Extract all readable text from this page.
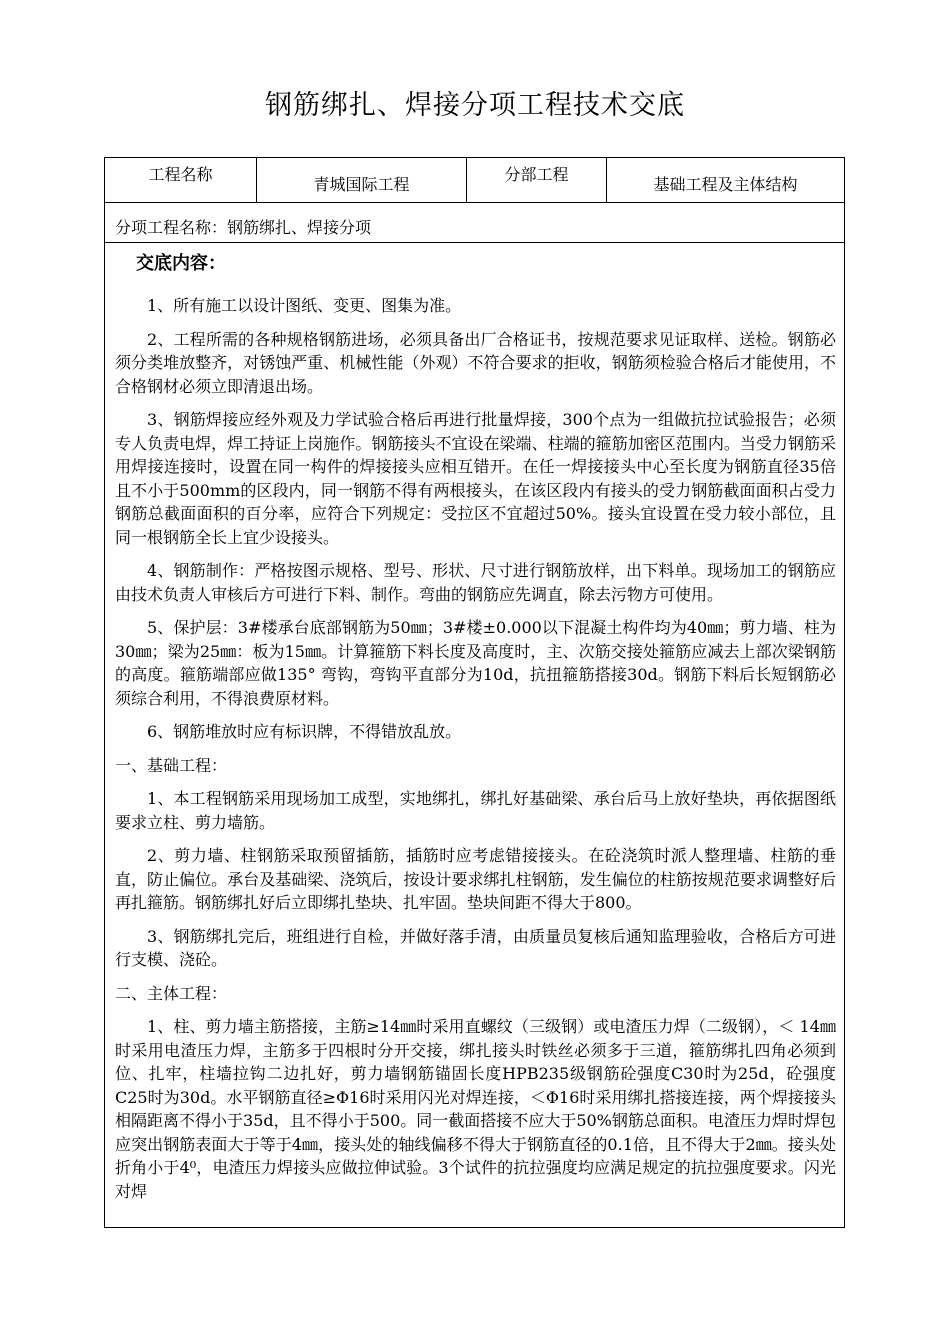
钢筋绑扎、焊接分项工程技术交底
工程名称
青城国际工程
分部工程
基础工程及主体结构
分项工程名称：钢筋绑扎、焊接分项
交底内容：

1、所有施工以设计图纸、变更、图集为准。

2、工程所需的各种规格钢筋进场，必须具备出厂合格证书，按规范要求见证取样、送检。钢筋必须分类堆放整齐，对锈蚀严重、机械性能（外观）不符合要求的拒收，钢筋须检验合格后才能使用，不合格钢材必须立即清退出场。

3、钢筋焊接应经外观及力学试验合格后再进行批量焊接，300个点为一组做抗拉试验报告；必须专人负责电焊，焊工持证上岗施作。钢筋接头不宜设在梁端、柱端的箍筋加密区范围内。当受力钢筋采用焊接连接时，设置在同一构件的焊接接头应相互错开。在任一焊接接头中心至长度为钢筋直径35倍且不小于500mm的区段内，同一钢筋不得有两根接头，在该区段内有接头的受力钢筋截面面积占受力钢筋总截面面积的百分率，应符合下列规定：受拉区不宜超过50%。接头宜设置在受力较小部位，且同一根钢筋全长上宜少设接头。

4、钢筋制作：严格按图示规格、型号、形状、尺寸进行钢筋放样，出下料单。现场加工的钢筋应由技术负责人审核后方可进行下料、制作。弯曲的钢筋应先调直，除去污物方可使用。

5、保护层：3#楼承台底部钢筋为50㎜；3#楼±0.000以下混凝土构件均为40㎜；剪力墙、柱为30㎜；梁为25㎜：板为15㎜。计算箍筋下料长度及高度时，主、次筋交接处箍筋应减去上部次梁钢筋的高度。箍筋端部应做135° 弯钩，弯钩平直部分为10d，抗扭箍筋搭接30d。钢筋下料后长短钢筋必须综合利用，不得浪费原材料。

6、钢筋堆放时应有标识牌，不得错放乱放。

一、基础工程：

1、本工程钢筋采用现场加工成型，实地绑扎，绑扎好基础梁、承台后马上放好垫块，再依据图纸要求立柱、剪力墙筋。

2、剪力墙、柱钢筋采取预留插筋，插筋时应考虑错接接头。在砼浇筑时派人整理墙、柱筋的垂直，防止偏位。承台及基础梁、浇筑后，按设计要求绑扎柱钢筋，发生偏位的柱筋按规范要求调整好后再扎箍筋。钢筋绑扎好后立即绑扎垫块、扎牢固。垫块间距不得大于800。

3、钢筋绑扎完后，班组进行自检，并做好落手清，由质量员复核后通知监理验收，合格后方可进行支模、浇砼。

二、主体工程：

1、柱、剪力墙主筋搭接，主筋≥14㎜时采用直螺纹（三级钢）或电渣压力焊（二级钢），＜ 14㎜时采用电渣压力焊，主筋多于四根时分开交接，绑扎接头时铁丝必须多于三道，箍筋绑扎四角必须到位、扎牢，柱墙拉钩二边扎好，剪力墙钢筋锚固长度HPB235级钢筋砼强度C30时为25d，砼强度C25时为30d。水平钢筋直径≥Φ16时采用闪光对焊连接，＜Φ16时采用绑扎搭接连接，两个焊接接头相隔距离不得小于35d，且不得小于500。同一截面搭接不应大于50%钢筋总面积。电渣压力焊时焊包应突出钢筋表面大于等于4㎜，接头处的轴线偏移不得大于钢筋直径的0.1倍，且不得大于2㎜。接头处折角小于4⁰，电渣压力焊接头应做拉伸试验。3个试件的抗拉强度均应满足规定的抗拉强度要求。闪光对焊
